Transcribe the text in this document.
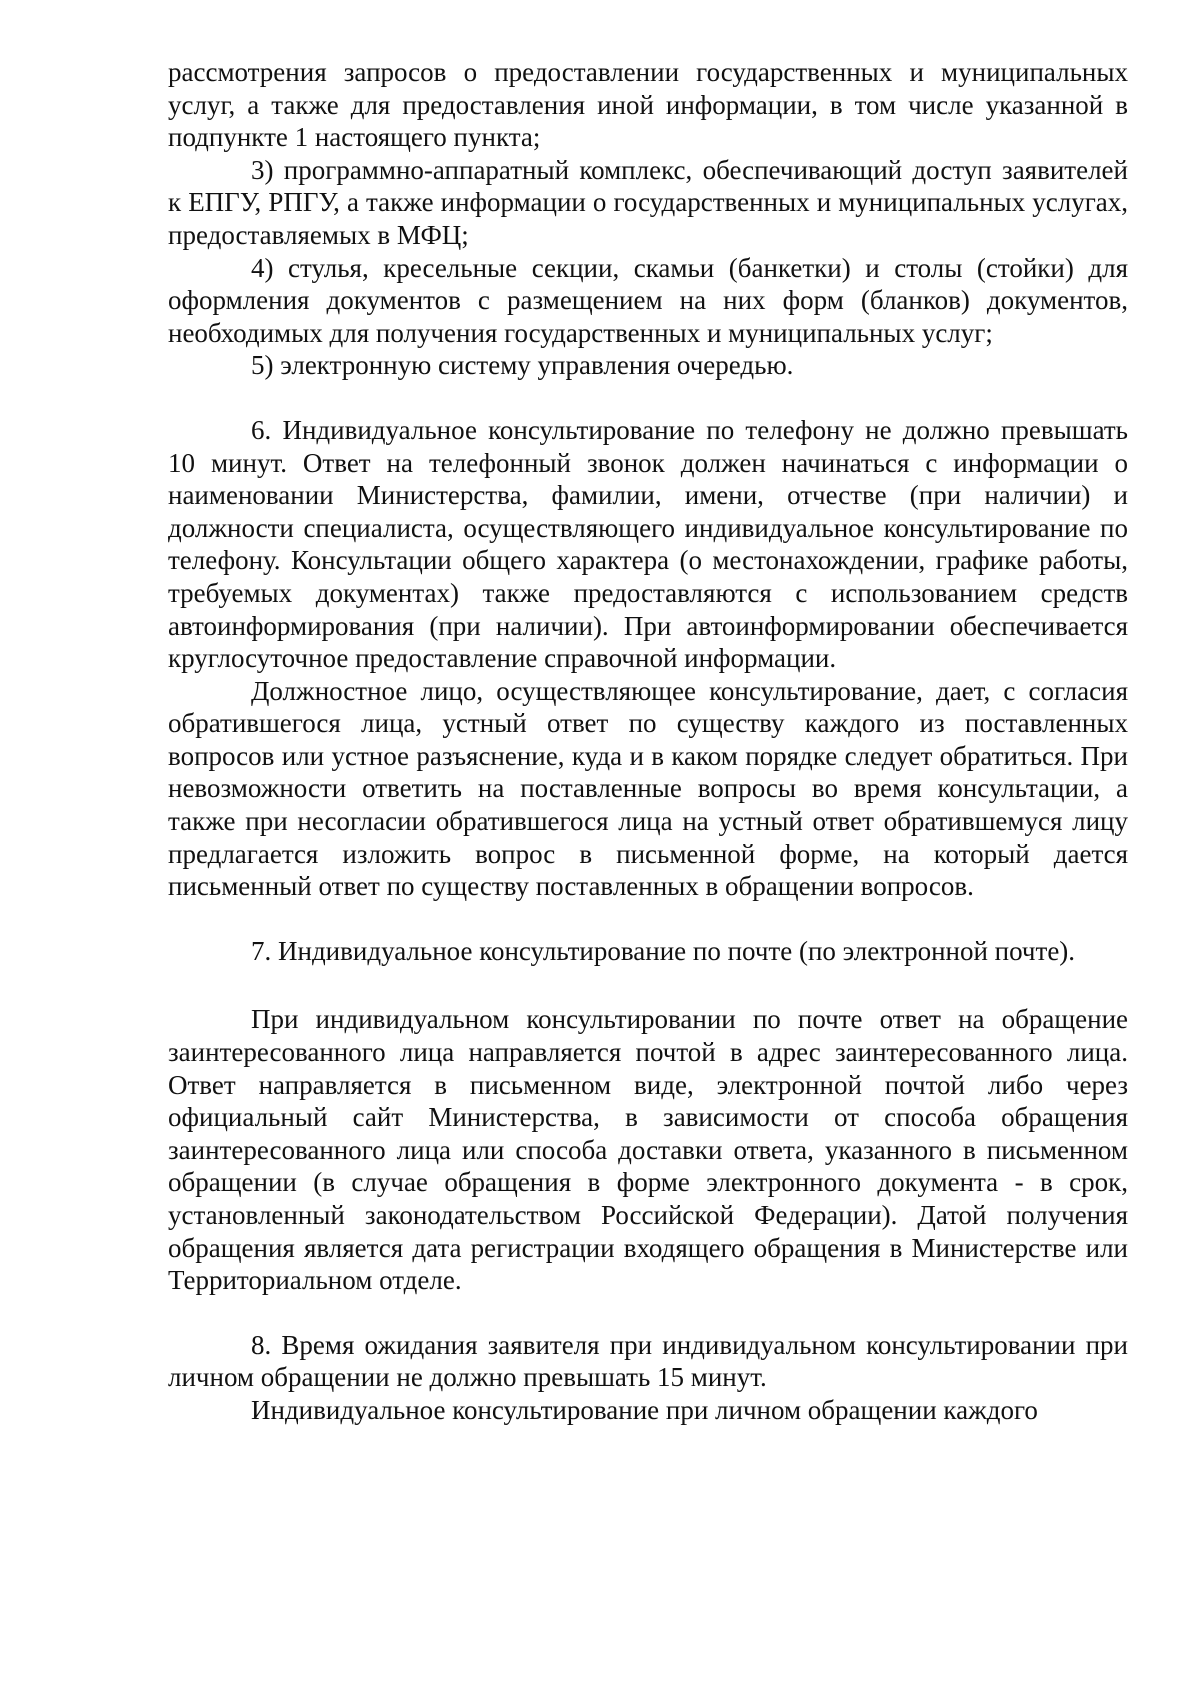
рассмотрения запросов о предоставлении государственных и муниципальных услуг, а также для предоставления иной информации, в том числе указанной в подпункте 1 настоящего пункта;

3) программно-аппаратный комплекс, обеспечивающий доступ заявителей к ЕПГУ, РПГУ, а также информации о государственных и муниципальных услугах, предоставляемых в МФЦ;

4) стулья, кресельные секции, скамьи (банкетки) и столы (стойки) для оформления документов с размещением на них форм (бланков) документов, необходимых для получения государственных и муниципальных услуг;

5) электронную систему управления очередью.

6. Индивидуальное консультирование по телефону не должно превышать 10 минут. Ответ на телефонный звонок должен начинаться с информации о наименовании Министерства, фамилии, имени, отчестве (при наличии) и должности специалиста, осуществляющего индивидуальное консультирование по телефону. Консультации общего характера (о местонахождении, графике работы, требуемых документах) также предоставляются с использованием средств автоинформирования (при наличии). При автоинформировании обеспечивается круглосуточное предоставление справочной информации.

Должностное лицо, осуществляющее консультирование, дает, с согласия обратившегося лица, устный ответ по существу каждого из поставленных вопросов или устное разъяснение, куда и в каком порядке следует обратиться. При невозможности ответить на поставленные вопросы во время консультации, а также при несогласии обратившегося лица на устный ответ обратившемуся лицу предлагается изложить вопрос в письменной форме, на который дается письменный ответ по существу поставленных в обращении вопросов.

7. Индивидуальное консультирование по почте (по электронной почте).

При индивидуальном консультировании по почте ответ на обращение заинтересованного лица направляется почтой в адрес заинтересованного лица. Ответ направляется в письменном виде, электронной почтой либо через официальный сайт Министерства, в зависимости от способа обращения заинтересованного лица или способа доставки ответа, указанного в письменном обращении (в случае обращения в форме электронного документа - в срок, установленный законодательством Российской Федерации). Датой получения обращения является дата регистрации входящего обращения в Министерстве или Территориальном отделе.

8. Время ожидания заявителя при индивидуальном консультировании при личном обращении не должно превышать 15 минут.

Индивидуальное консультирование при личном обращении каждого
